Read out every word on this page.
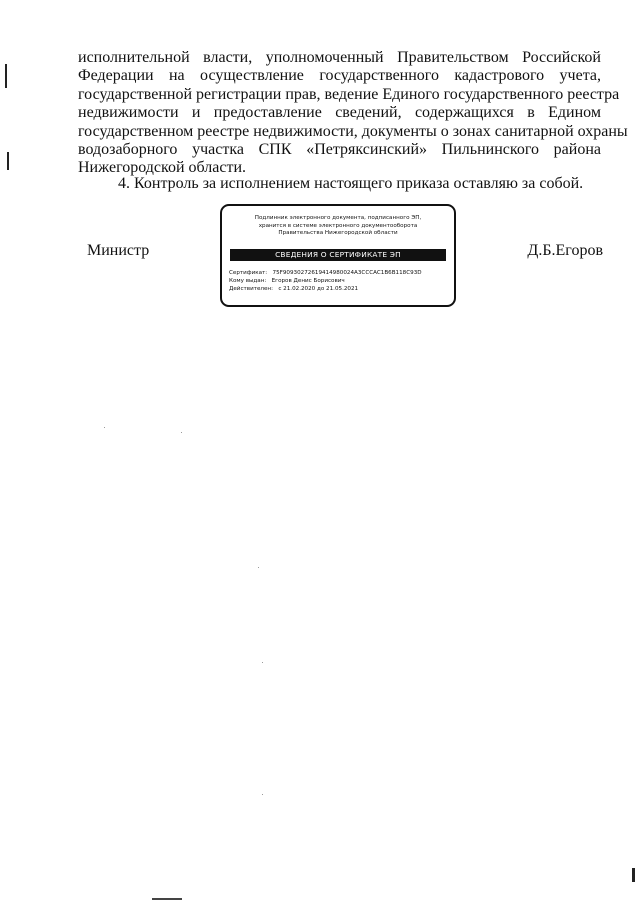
исполнительной власти, уполномоченный Правительством Российской
Федерации на осуществление государственного кадастрового учета,
государственной регистрации прав, ведение Единого государственного реестра
недвижимости и предоставление сведений, содержащихся в Едином
государственном реестре недвижимости, документы о зонах санитарной охраны
водозаборного участка СПК «Петряксинский» Пильнинского района
Нижегородской области.
4. Контроль за исполнением настоящего приказа оставляю за собой.
Министр	Д.Б.Егоров
Подлинник электронного документа, подписанного ЭП,
хранится в системе электронного документооборота
Правительства Нижегородской области
СВЕДЕНИЯ О СЕРТИФИКАТЕ ЭП
Сертификат: 75F90930272619414980024A3CCCAC1B6B118C93D
Кому выдан: Егоров Денис Борисович
Действителен: с 21.02.2020 до 21.05.2021
